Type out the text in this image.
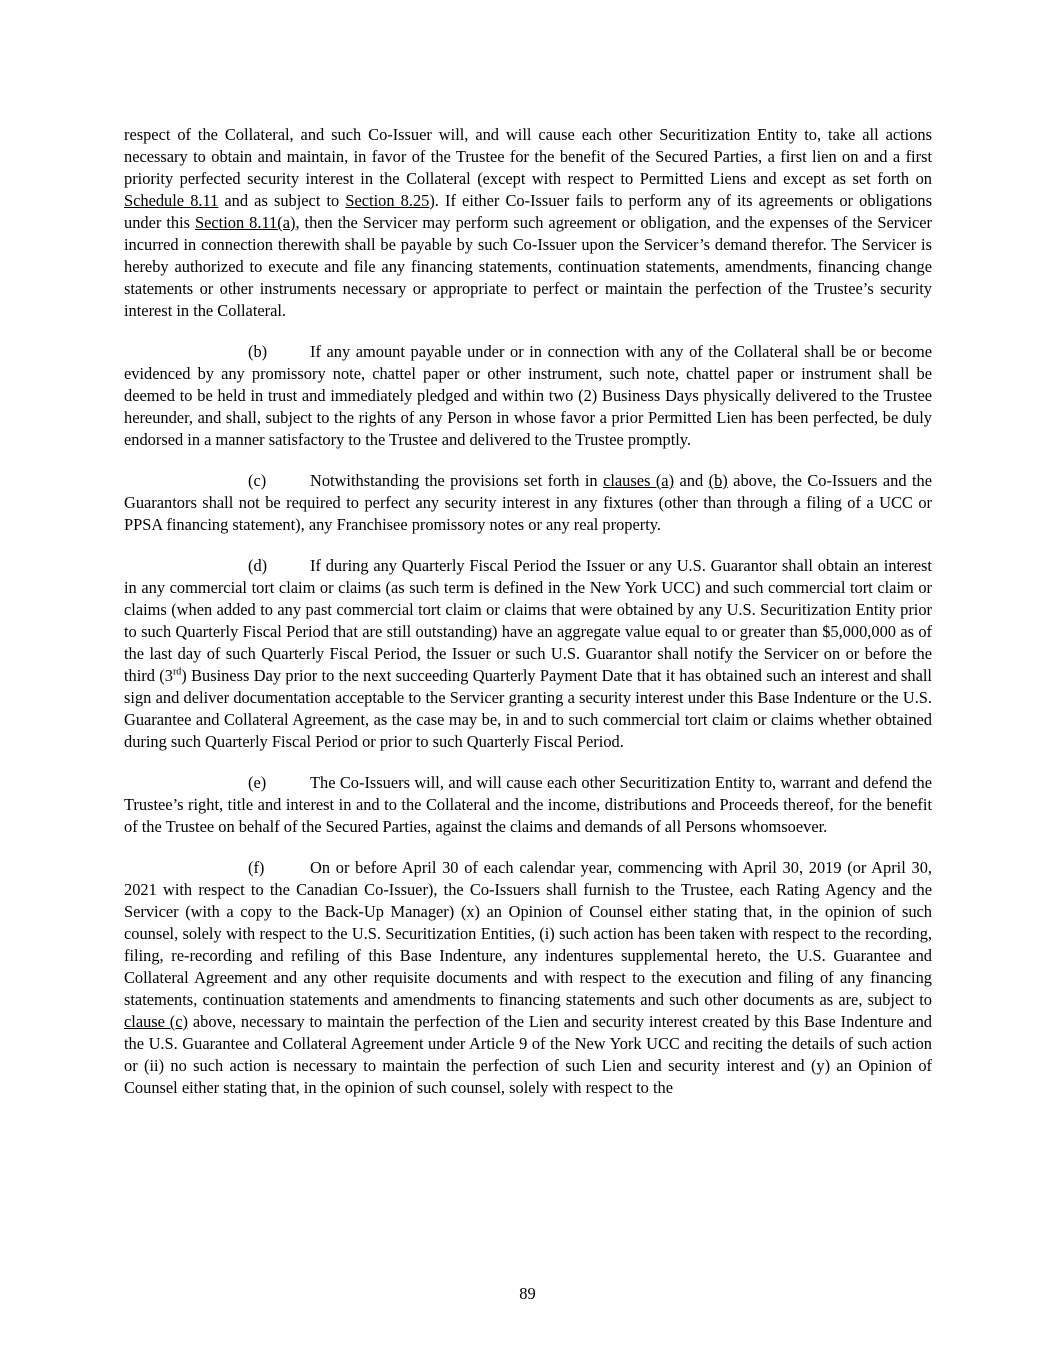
respect of the Collateral, and such Co-Issuer will, and will cause each other Securitization Entity to, take all actions necessary to obtain and maintain, in favor of the Trustee for the benefit of the Secured Parties, a first lien on and a first priority perfected security interest in the Collateral (except with respect to Permitted Liens and except as set forth on Schedule 8.11 and as subject to Section 8.25). If either Co-Issuer fails to perform any of its agreements or obligations under this Section 8.11(a), then the Servicer may perform such agreement or obligation, and the expenses of the Servicer incurred in connection therewith shall be payable by such Co-Issuer upon the Servicer’s demand therefor. The Servicer is hereby authorized to execute and file any financing statements, continuation statements, amendments, financing change statements or other instruments necessary or appropriate to perfect or maintain the perfection of the Trustee’s security interest in the Collateral.

(b)	If any amount payable under or in connection with any of the Collateral shall be or become evidenced by any promissory note, chattel paper or other instrument, such note, chattel paper or instrument shall be deemed to be held in trust and immediately pledged and within two (2) Business Days physically delivered to the Trustee hereunder, and shall, subject to the rights of any Person in whose favor a prior Permitted Lien has been perfected, be duly endorsed in a manner satisfactory to the Trustee and delivered to the Trustee promptly.

(c)	Notwithstanding the provisions set forth in clauses (a) and (b) above, the Co-Issuers and the Guarantors shall not be required to perfect any security interest in any fixtures (other than through a filing of a UCC or PPSA financing statement), any Franchisee promissory notes or any real property.

(d)	If during any Quarterly Fiscal Period the Issuer or any U.S. Guarantor shall obtain an interest in any commercial tort claim or claims (as such term is defined in the New York UCC) and such commercial tort claim or claims (when added to any past commercial tort claim or claims that were obtained by any U.S. Securitization Entity prior to such Quarterly Fiscal Period that are still outstanding) have an aggregate value equal to or greater than $5,000,000 as of the last day of such Quarterly Fiscal Period, the Issuer or such U.S. Guarantor shall notify the Servicer on or before the third (3rd) Business Day prior to the next succeeding Quarterly Payment Date that it has obtained such an interest and shall sign and deliver documentation acceptable to the Servicer granting a security interest under this Base Indenture or the U.S. Guarantee and Collateral Agreement, as the case may be, in and to such commercial tort claim or claims whether obtained during such Quarterly Fiscal Period or prior to such Quarterly Fiscal Period.

(e)	The Co-Issuers will, and will cause each other Securitization Entity to, warrant and defend the Trustee’s right, title and interest in and to the Collateral and the income, distributions and Proceeds thereof, for the benefit of the Trustee on behalf of the Secured Parties, against the claims and demands of all Persons whomsoever.

(f)	On or before April 30 of each calendar year, commencing with April 30, 2019 (or April 30, 2021 with respect to the Canadian Co-Issuer), the Co-Issuers shall furnish to the Trustee, each Rating Agency and the Servicer (with a copy to the Back-Up Manager) (x) an Opinion of Counsel either stating that, in the opinion of such counsel, solely with respect to the U.S. Securitization Entities, (i) such action has been taken with respect to the recording, filing, re-recording and refiling of this Base Indenture, any indentures supplemental hereto, the U.S. Guarantee and Collateral Agreement and any other requisite documents and with respect to the execution and filing of any financing statements, continuation statements and amendments to financing statements and such other documents as are, subject to clause (c) above, necessary to maintain the perfection of the Lien and security interest created by this Base Indenture and the U.S. Guarantee and Collateral Agreement under Article 9 of the New York UCC and reciting the details of such action or (ii) no such action is necessary to maintain the perfection of such Lien and security interest and (y) an Opinion of Counsel either stating that, in the opinion of such counsel, solely with respect to the

89
